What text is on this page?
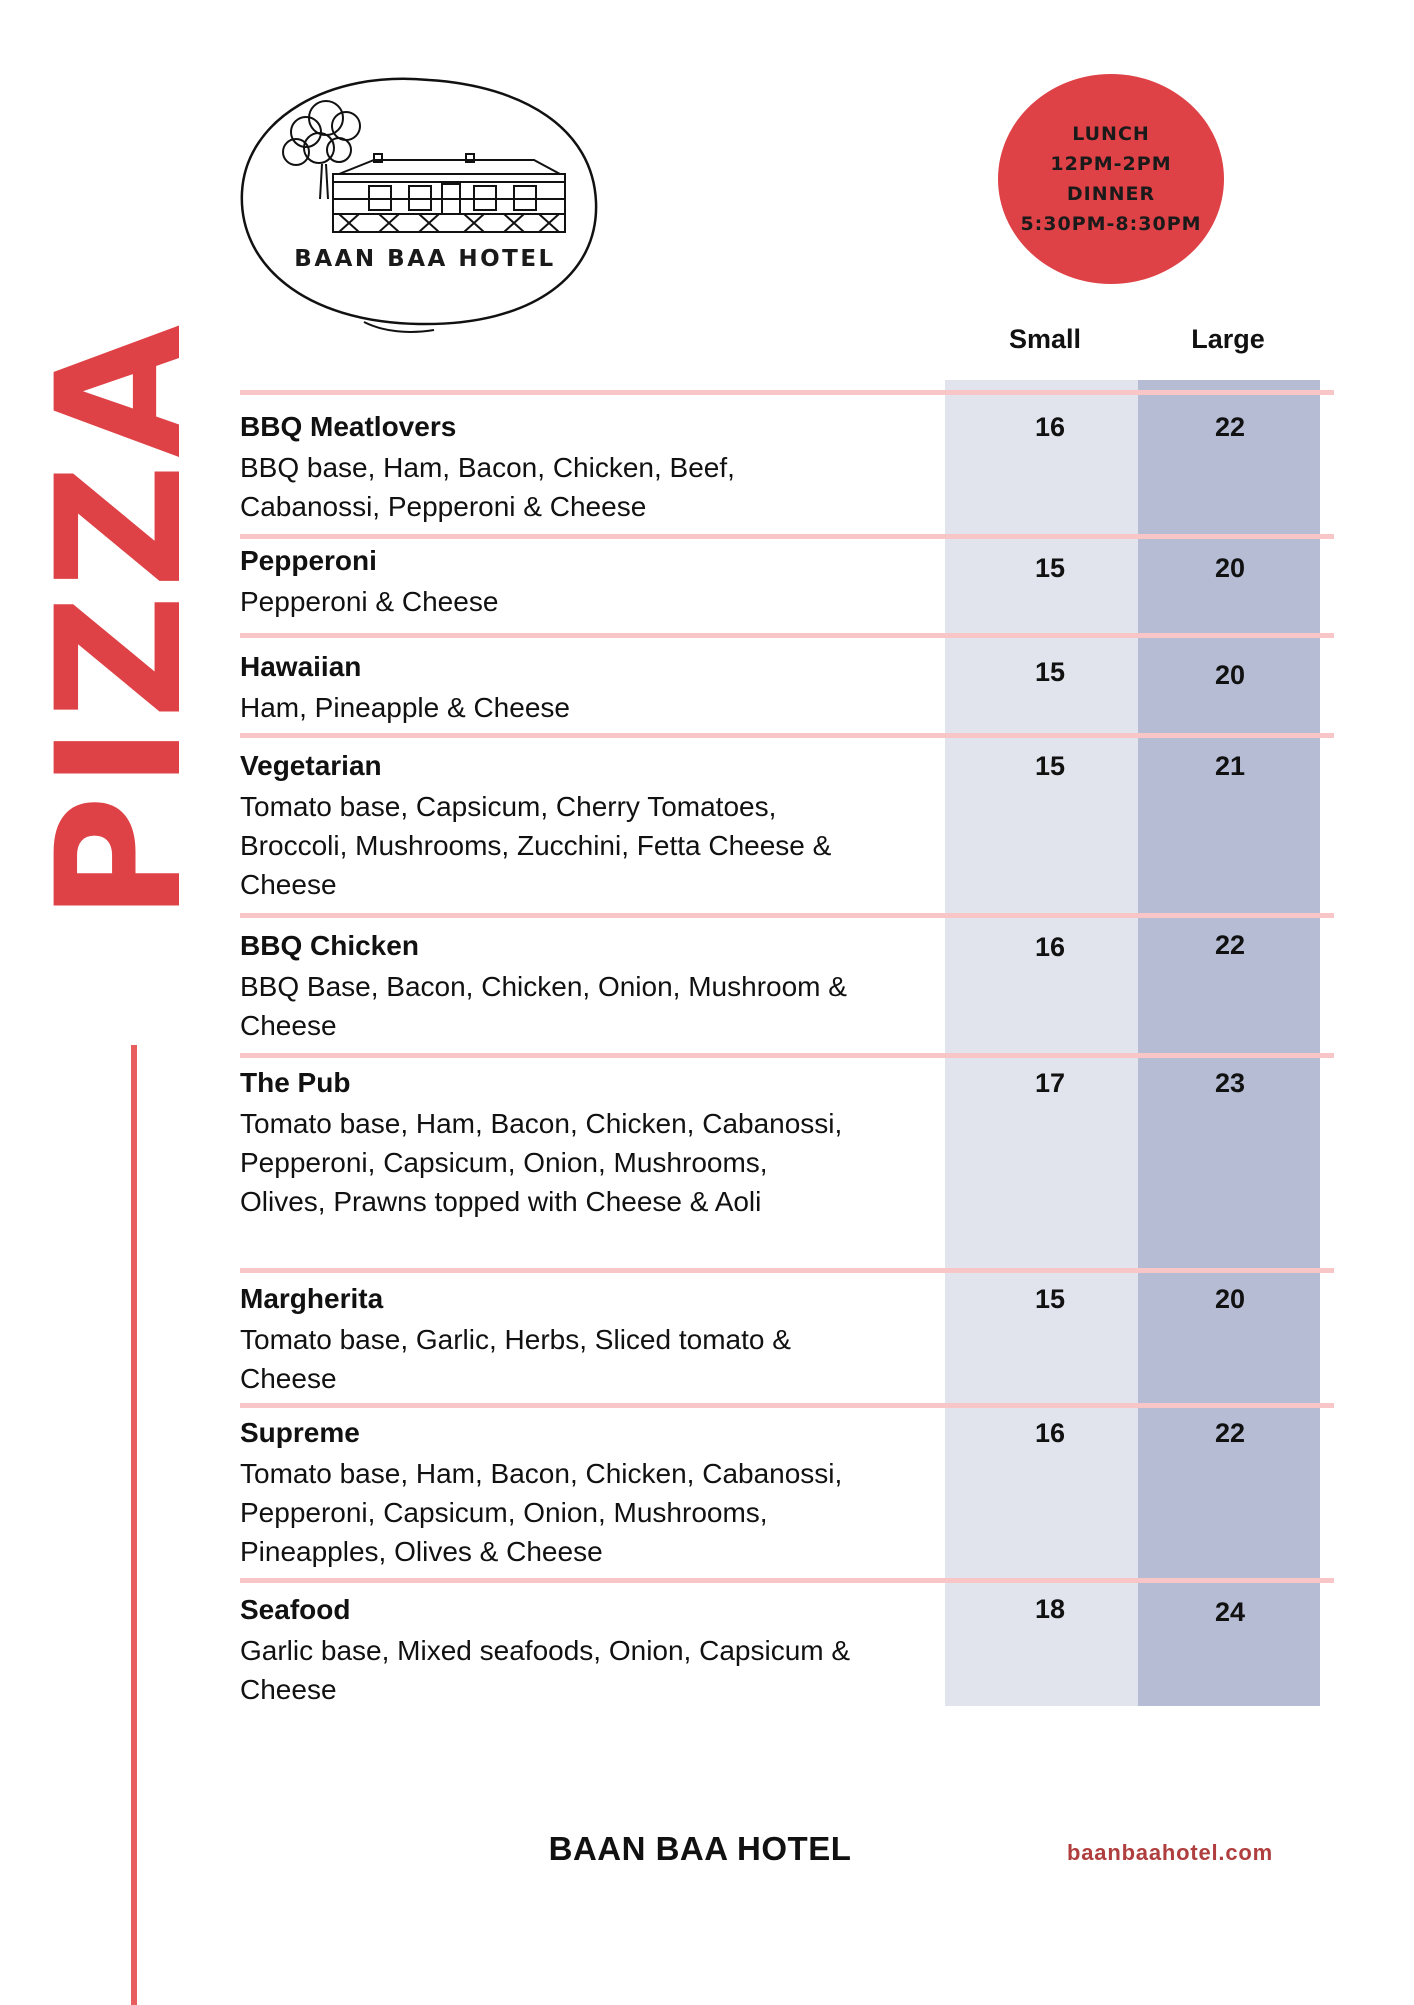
BAAN BAA HOTEL
LUNCH
12PM-2PM
DINNER
5:30PM-8:30PM
PIZZA	Small	Large
BBQ Meatlovers
BBQ base, Ham, Bacon, Chicken, Beef, Cabanossi, Pepperoni & Cheese
16	22
Pepperoni
Pepperoni & Cheese
15	20
Hawaiian
Ham, Pineapple & Cheese
15	20
Vegetarian
Tomato base, Capsicum, Cherry Tomatoes, Broccoli, Mushrooms, Zucchini, Fetta Cheese & Cheese
15	21
BBQ Chicken
BBQ Base, Bacon, Chicken, Onion, Mushroom & Cheese
16	22
The Pub
Tomato base, Ham, Bacon, Chicken, Cabanossi, Pepperoni, Capsicum, Onion, Mushrooms, Olives, Prawns topped with Cheese & Aoli
17	23
Margherita
Tomato base, Garlic, Herbs, Sliced tomato & Cheese
15	20
Supreme
Tomato base, Ham, Bacon, Chicken, Cabanossi, Pepperoni, Capsicum, Onion, Mushrooms, Pineapples, Olives & Cheese
16	22
Seafood
Garlic base, Mixed seafoods, Onion, Capsicum & Cheese
18	24
BAAN BAA HOTEL	baanbaahotel.com
